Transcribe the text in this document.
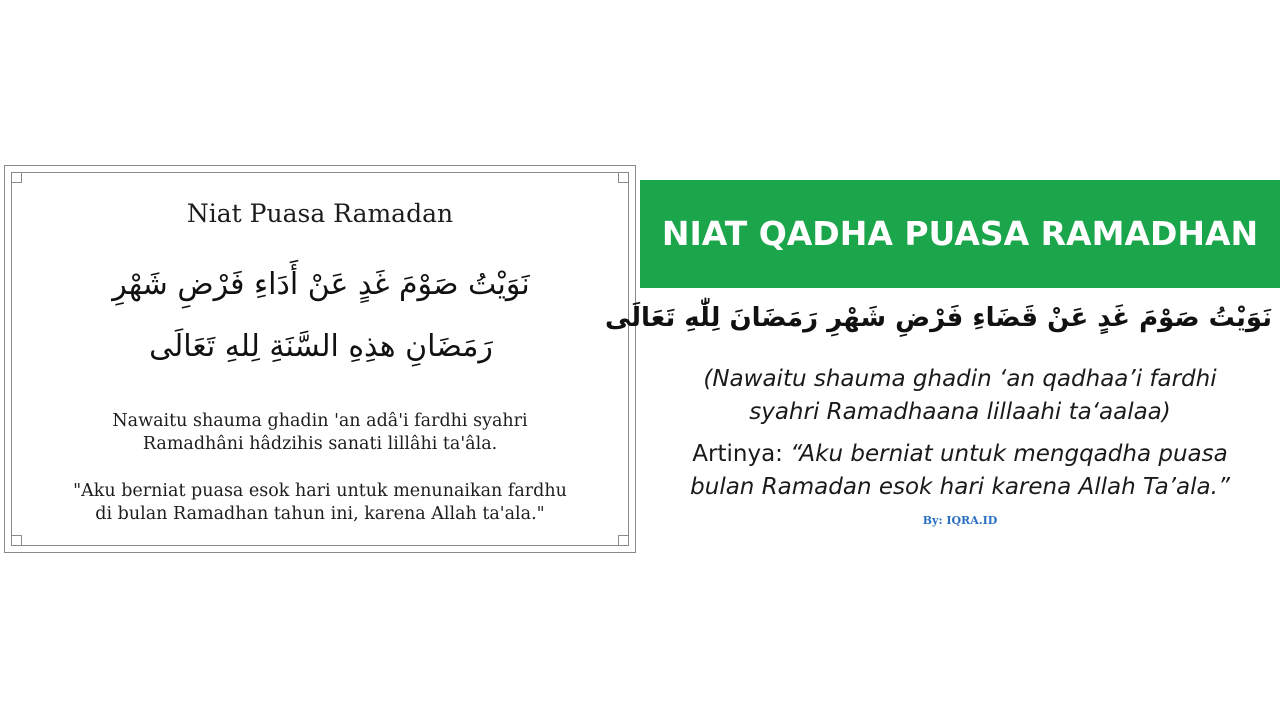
Niat Puasa Ramadan
نَوَيْتُ صَوْمَ غَدٍ عَنْ أَدَاءِ فَرْضِ شَهْرِ
رَمَضَانِ هذِهِ السَّنَةِ لِلهِ تَعَالَى
Nawaitu shauma ghadin 'an adâ'i fardhi syahri
Ramadhâni hâdzihis sanati lillâhi ta'âla.
"Aku berniat puasa esok hari untuk menunaikan fardhu
di bulan Ramadhan tahun ini, karena Allah ta'ala."
NIAT QADHA PUASA RAMADHAN
نَوَيْتُ صَوْمَ غَدٍ عَنْ قَضَاءِ فَرْضِ شَهْرِ رَمَضَانَ لِلّٰهِ تَعَالَى
(Nawaitu shauma ghadin ‘an qadhaa’i fardhi
syahri Ramadhaana lillaahi ta‘aalaa)
Artinya: “Aku berniat untuk mengqadha puasa
bulan Ramadan esok hari karena Allah Ta’ala.”
By: IQRA.ID
